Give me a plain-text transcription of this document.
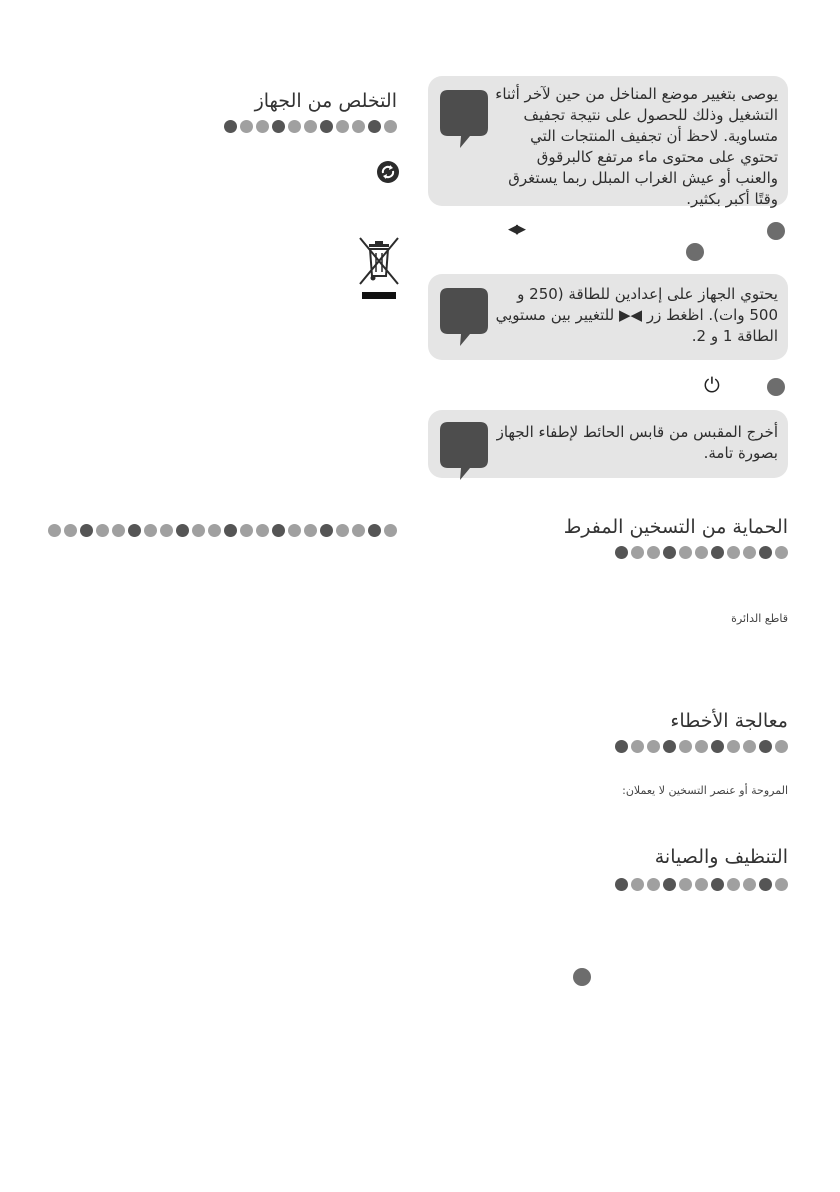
يوصى بتغيير موضع المناخل من حين لآخر أثناء التشغيل وذلك للحصول على نتيجة تجفيف متساوية. لاحظ أن تجفيف المنتجات التي تحتوي على محتوى ماء مرتفع كالبرقوق والعنب أو عيش الغراب المبلل ربما يستغرق وقتًا أكبر بكثير.
◀▶
يحتوي الجهاز على إعدادين للطاقة (250 و 500 وات). اظغط زر ◀▶ للتغيير بين مستويي الطاقة 1 و 2.
⏻
أخرج المقبس من قابس الحائط لإطفاء الجهاز بصورة تامة.
الحماية من التسخين المفرط
قاطع الدائرة
معالجة الأخطاء
المروحة أو عنصر التسخين لا يعملان:
التنظيف والصيانة
التخلص من الجهاز
